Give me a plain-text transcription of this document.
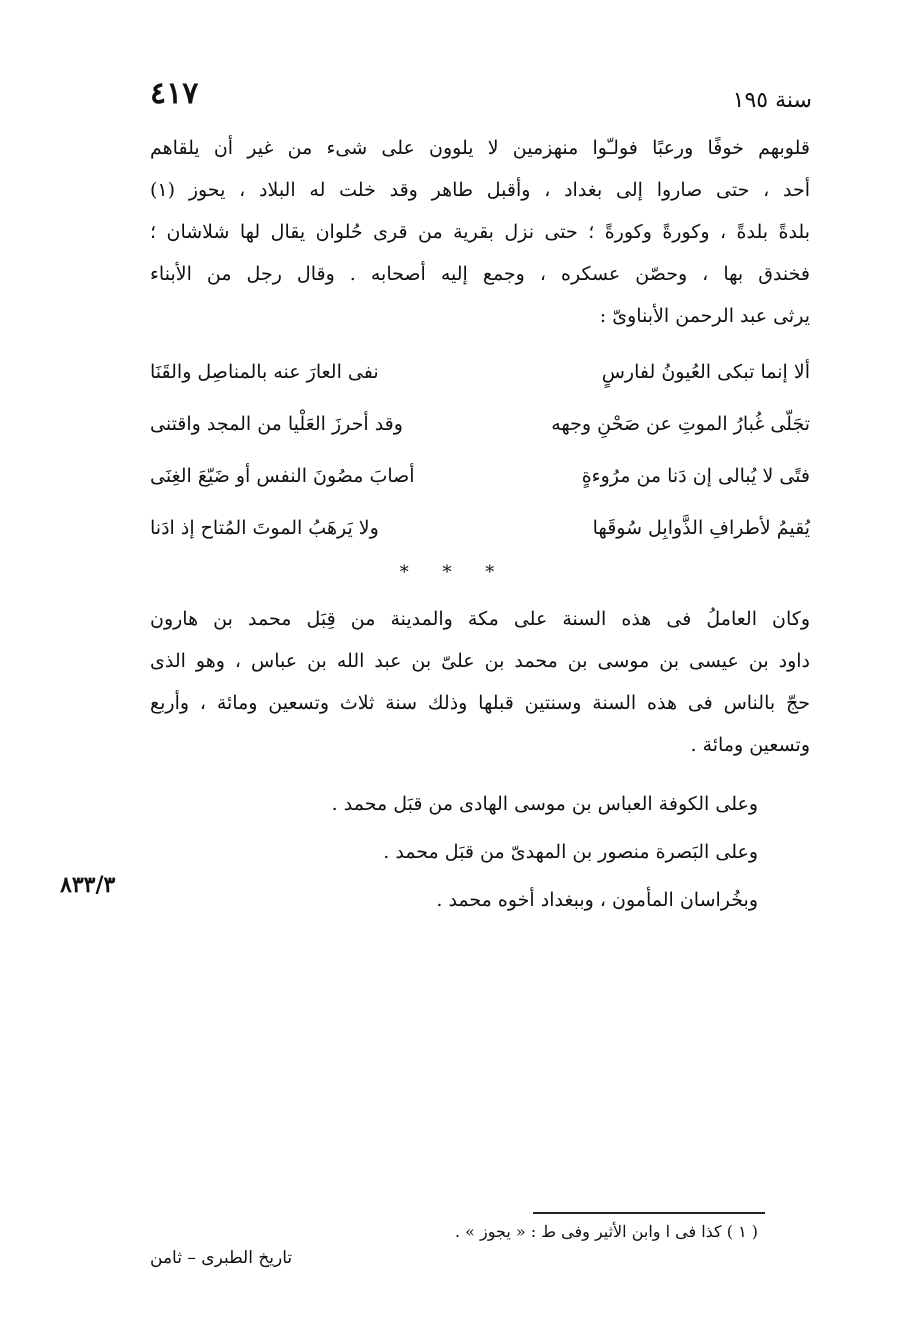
سنة ١٩٥
٤١٧
قلوبهم خوفًا ورعبًا فولـّوا منهزمين لا يلوون على شىء من غير أن يلقاهم
أحد ، حتى صاروا إلى بغداد ، وأقبل طاهر وقد خلت له البلاد ، يحوز (١)
بلدةً بلدةً ، وكورةً وكورةً ؛ حتى نزل بقرية من قرى حُلوان يقال لها شلاشان ؛
فخندق بها ، وحصّن عسكره ، وجمع إليه أصحابه . وقال رجل من الأبناء
يرثى عبد الرحمن الأبناوىّ :
ألا إنما تبكى العُيونُ لفارسٍ
نفى العارَ عنه بالمناصِل والقَنَا
تجَلّى غُبارُ الموتِ عن صَحْنِ وجهه
وقد أحرزَ العَلْيا من المجد واقتنى
فتًى لا يُبالى إن دَنا من مرُوءةٍ
أصابَ مصُونَ النفس أو ضَيّعَ الغِنَى
يُقيمُ لأطرافِ الذَّوابِل سُوقَها
ولا يَرهَبُ الموتَ المُتاح إذ ادَنا
* * *
وكان العاملُ فى هذه السنة على مكة والمدينة من قِبَل محمد بن هارون
داود بن عيسى بن موسى بن محمد بن علىّ بن عبد الله بن عباس ، وهو الذى
حجّ بالناس فى هذه السنة وسنتين قبلها وذلك سنة ثلاث وتسعين ومائة ، وأربع
وتسعين ومائة .
وعلى الكوفة العباس بن موسى الهادى من قبَل محمد .
وعلى البَصرة منصور بن المهدىّ من قبَل محمد .
وبخُراسان المأمون ، وببغداد أخوه محمد .
٨٣٣/٣
( ١ ) كذا فى ا وابن الأثير وفى ط : « يجوز » .
تاريخ الطبرى – ثامن
